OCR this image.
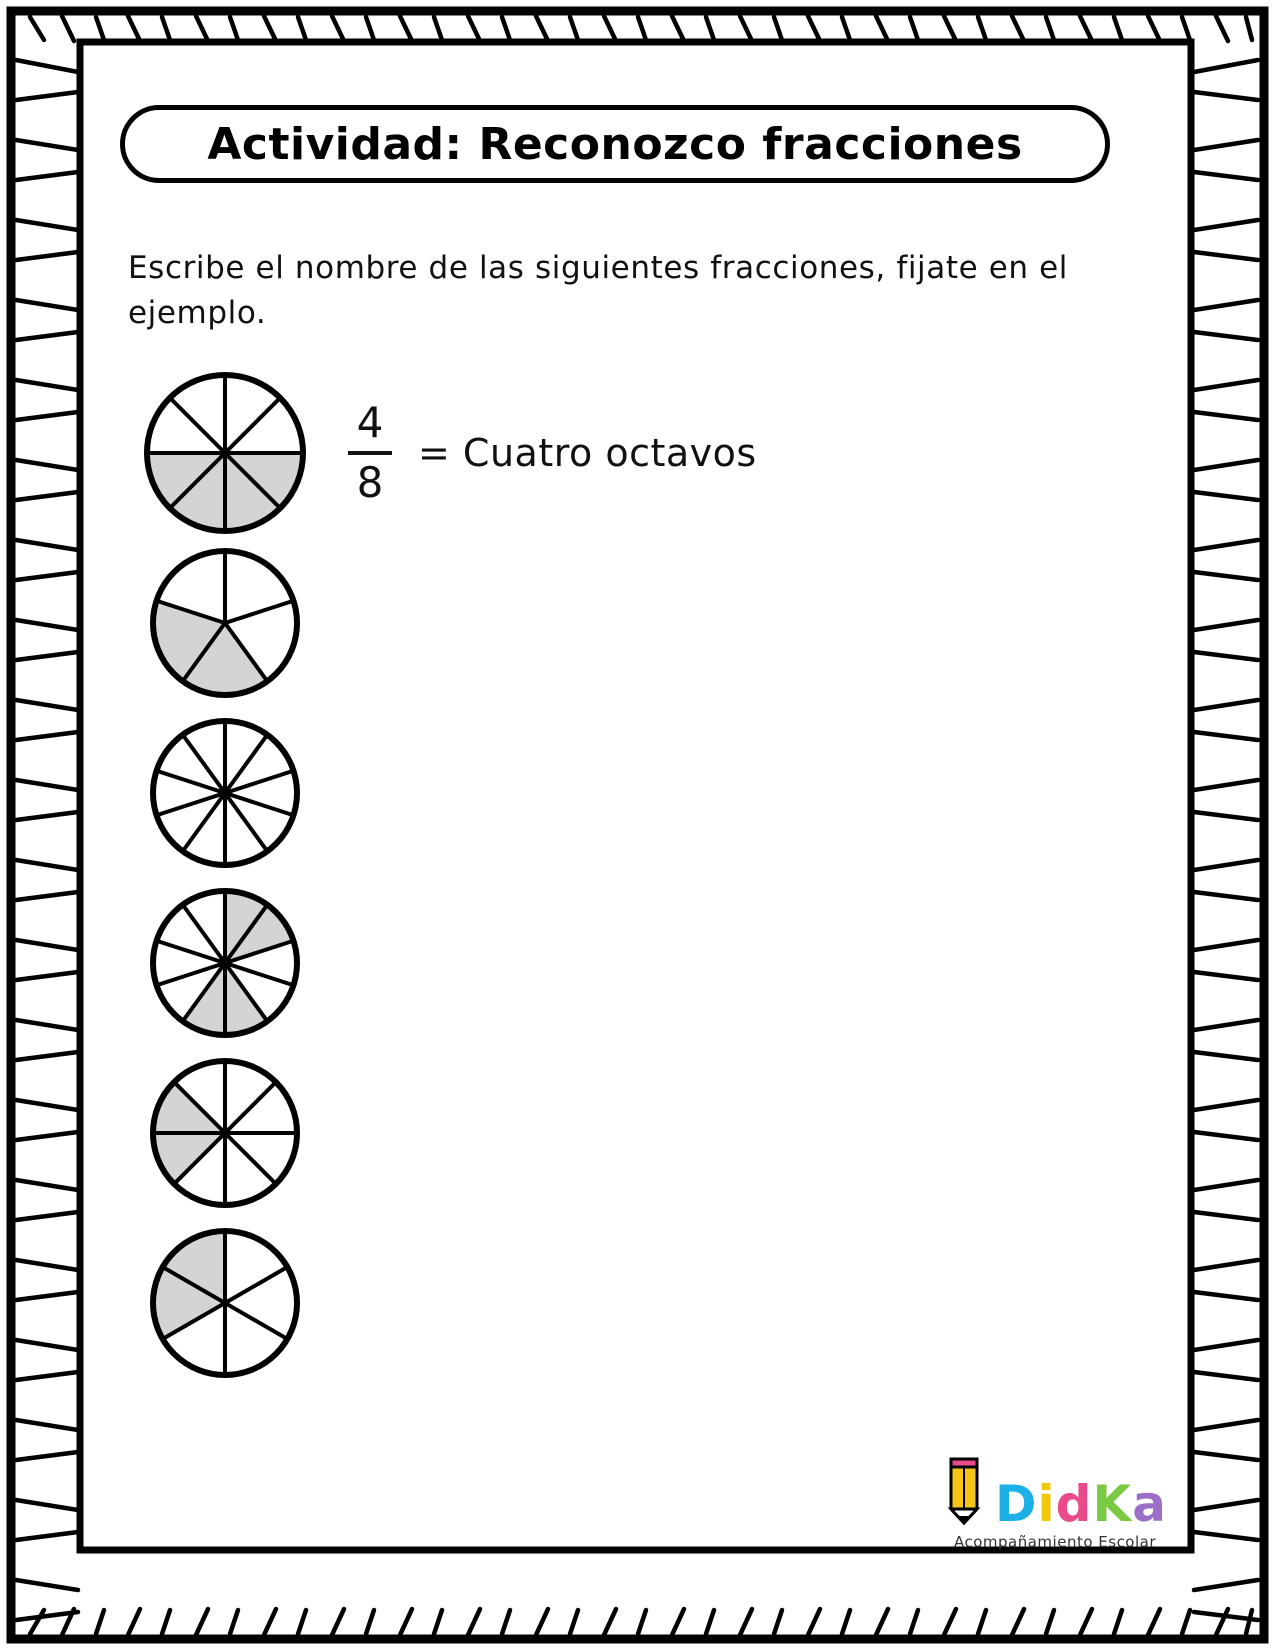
Actividad: Reconozco fracciones

Escribe el nombre de las siguientes fracciones, fijate en el ejemplo.

$\frac{4}{8}$ = Cuatro octavos
DidKa
Acompañamiento Escolar
